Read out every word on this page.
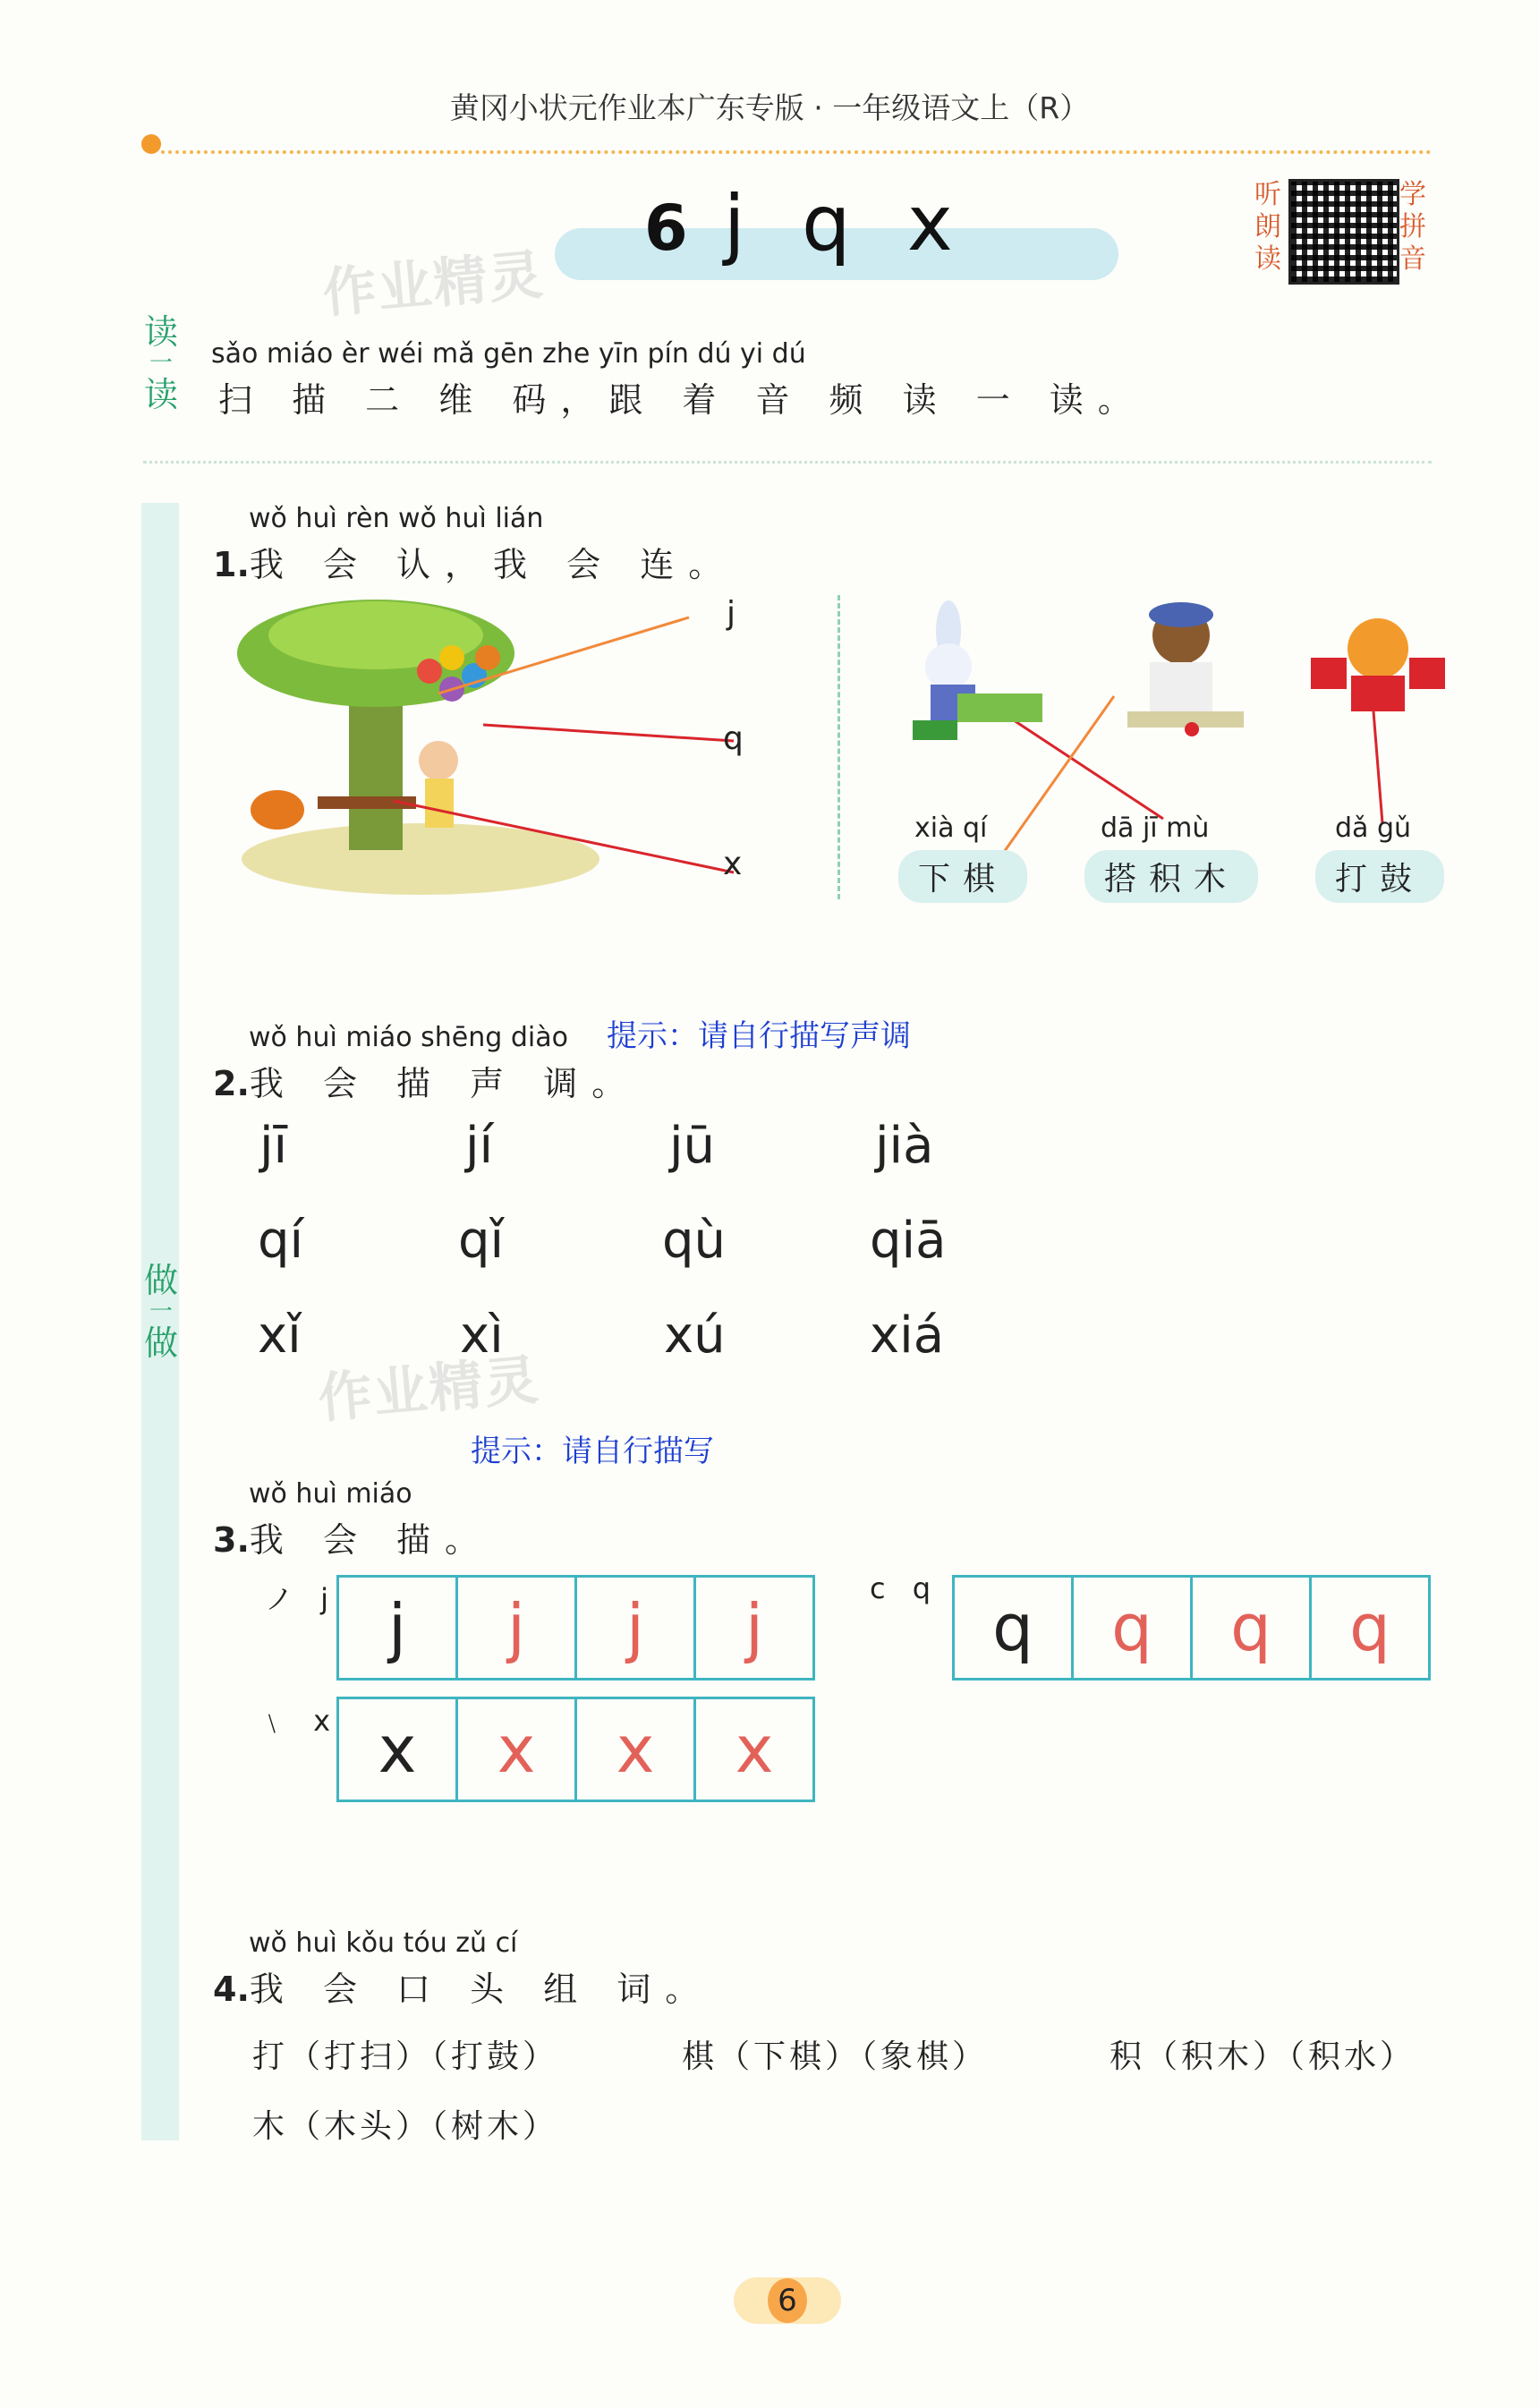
黄冈小状元作业本广东专版 · 一年级语文上（R）
6 j q x
作业精灵
作业精灵
听
朗
读
学
拼
音
读
一
读
sǎo miáo èr wéi mǎ gēn zhe yīn pín dú yi dú
扫 描 二 维 码，跟 着 音 频 读 一 读。
做
一
做
wǒ huì rèn wǒ huì lián
1.我 会 认，我 会 连。
j
q
x
xià qí
下棋
dā jī mù
搭积木
dǎ gǔ
打鼓
wǒ huì miáo shēng diào 提示：请自行描写声调
2.我 会 描 声 调。
jī	jí	jū	jià
qí	qǐ	qù	qiā
xǐ	xì	xú	xiá
提示：请自行描写
wǒ huì miáo
3.我 会 描。
ノ j j	j	j	j
c q
q	q	q	q
﹨ x x	x	x	x
wǒ huì kǒu tóu zǔ cí
4.我 会 口 头 组 词。
打（打扫）（打鼓）	棋（下棋）（象棋）	积（积木）（积水）
木（木头）（树木）
6
